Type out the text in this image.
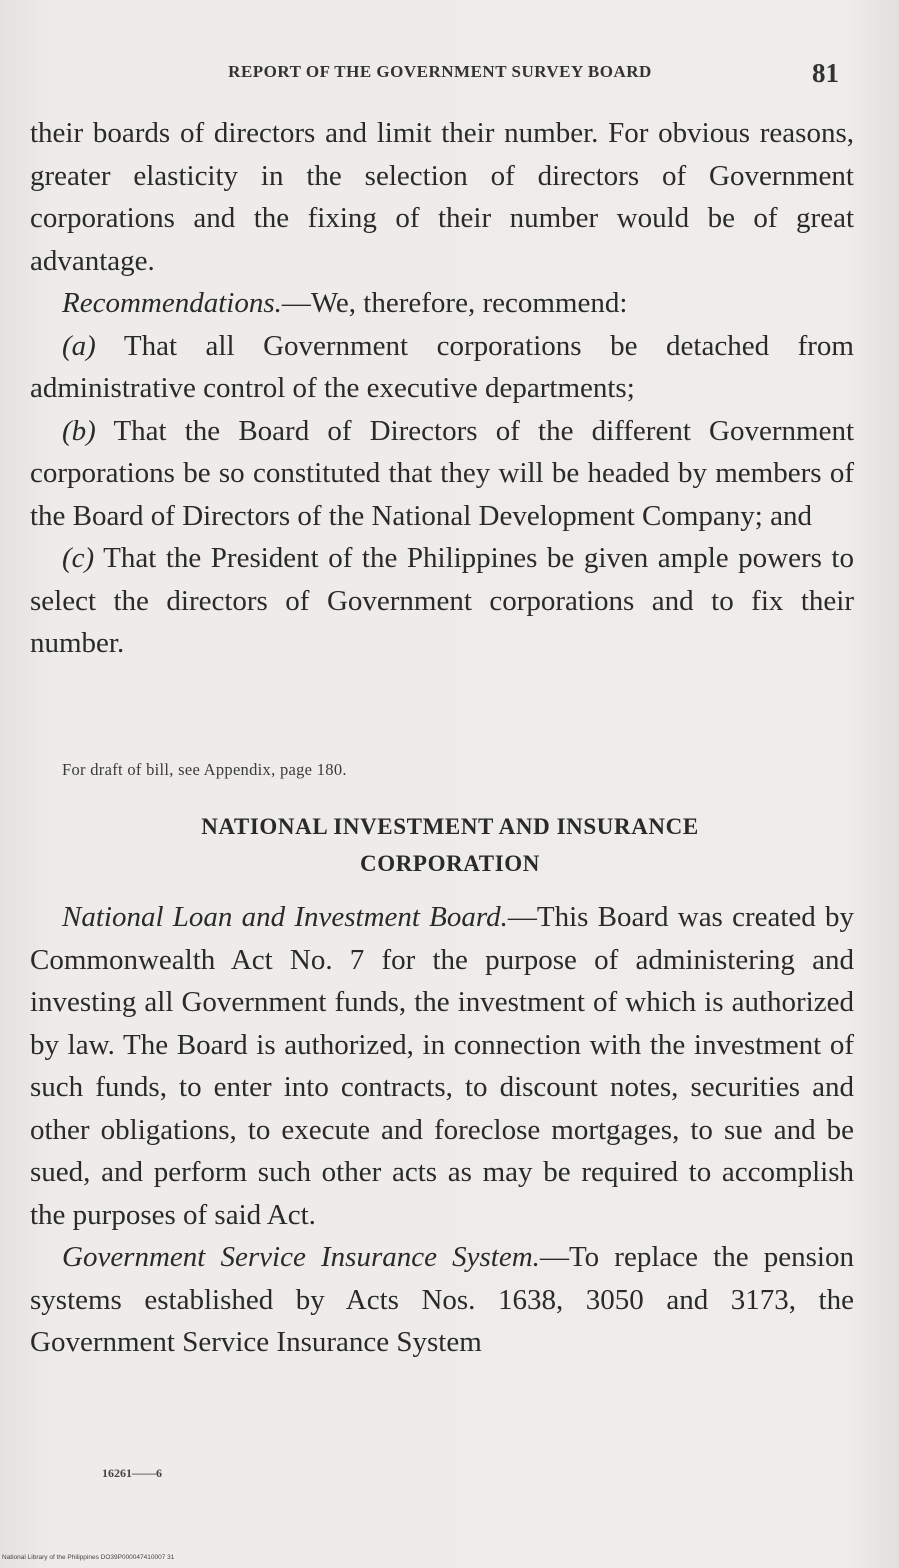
REPORT OF THE GOVERNMENT SURVEY BOARD	81

their boards of directors and limit their number. For obvious reasons, greater elasticity in the selection of directors of Government corporations and the fixing of their number would be of great advantage.

Recommendations.—We, therefore, recommend:

(a) That all Government corporations be detached from administrative control of the executive departments;

(b) That the Board of Directors of the different Government corporations be so constituted that they will be headed by members of the Board of Directors of the National Development Company; and

(c) That the President of the Philippines be given ample powers to select the directors of Government corporations and to fix their number.

For draft of bill, see Appendix, page 180.
NATIONAL INVESTMENT AND INSURANCE
CORPORATION

National Loan and Investment Board.—This Board was created by Commonwealth Act No. 7 for the purpose of administering and investing all Government funds, the investment of which is authorized by law. The Board is authorized, in connection with the investment of such funds, to enter into contracts, to discount notes, securities and other obligations, to execute and foreclose mortgages, to sue and be sued, and perform such other acts as may be required to accomplish the purposes of said Act.

Government Service Insurance System.—To replace the pension systems established by Acts Nos. 1638, 3050 and 3173, the Government Service Insurance System

16261——6
National Library of the Philippines DO39P000047410007 31
